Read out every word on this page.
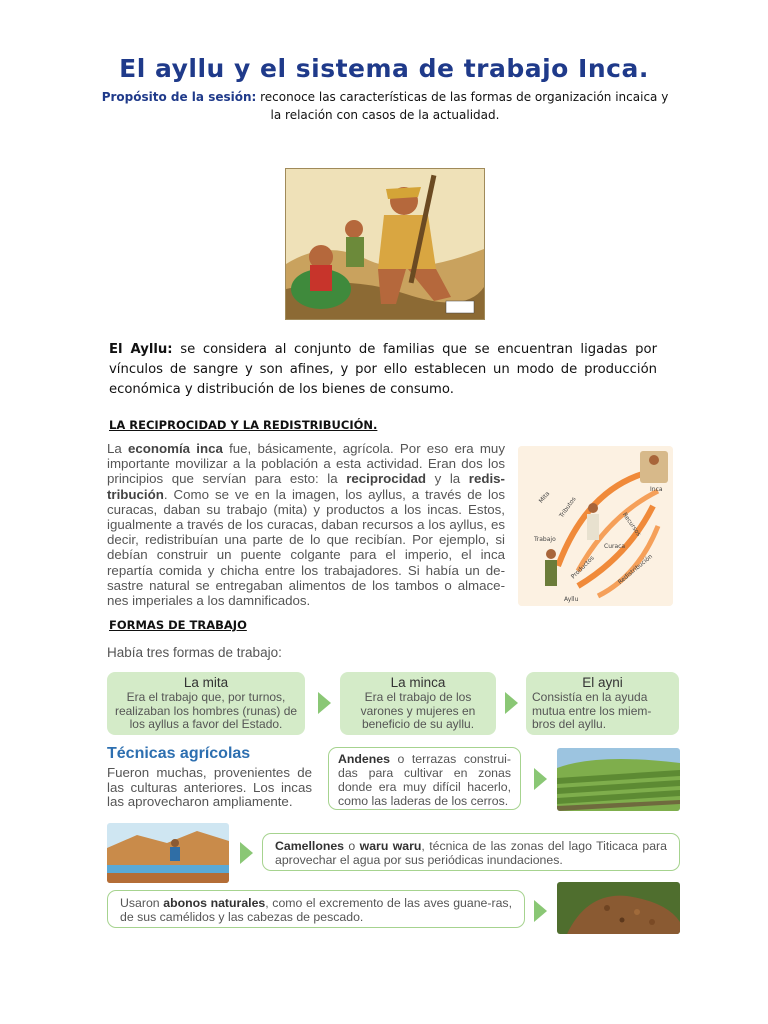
El ayllu y el sistema de trabajo Inca.
Propósito de la sesión: reconoce las características de las formas de organización incaica y la relación con casos de la actualidad.
El Ayllu: se considera al conjunto de familias que se encuentran ligadas por vínculos de sangre y son afines, y por ello establecen un modo de producción económica y distribución de los bienes de consumo.
LA RECIPROCIDAD Y LA REDISTRIBUCIÓN.
La economía inca fue, básicamente, agrícola. Por eso era muy importante movilizar a la población a esta actividad. Eran dos los principios que servían para esto: la reciprocidad y la redis-tribución. Como se ve en la imagen, los ayllus, a través de los curacas, daban su trabajo (mita) y productos a los incas. Estos, igualmente a través de los curacas, daban recursos a los ayllus, es decir, redistribuían una parte de lo que recibían. Por ejemplo, si debían construir un puente colgante para el imperio, el inca repartía comida y chicha entre los trabajadores. Si había un de-sastre natural se entregaban alimentos de los tambos o almace-nes imperiales a los damnificados.
Inca
Mita Tributos
Recursos
Curaca
Trabajo
Productos	Redistribución
Ayllu
FORMAS DE TRABAJO
Había tres formas de trabajo:
La mita
Era el trabajo que, por turnos, realizaban los hombres (runas) de los ayllus a favor del Estado.
La minca
Era el trabajo de los varones y mujeres en beneficio de su ayllu.
El ayni
Consistía en la ayuda mutua entre los miem-bros del ayllu.
Técnicas agrícolas
Fueron muchas, provenientes de las culturas anteriores. Los incas las aprovecharon ampliamente.
Andenes o terrazas construi-das para cultivar en zonas donde era muy difícil hacerlo, como las laderas de los cerros.
Camellones o waru waru, técnica de las zonas del lago Titicaca para aprovechar el agua por sus periódicas inundaciones.
Usaron abonos naturales, como el excremento de las aves guane-ras, de sus camélidos y las cabezas de pescado.
